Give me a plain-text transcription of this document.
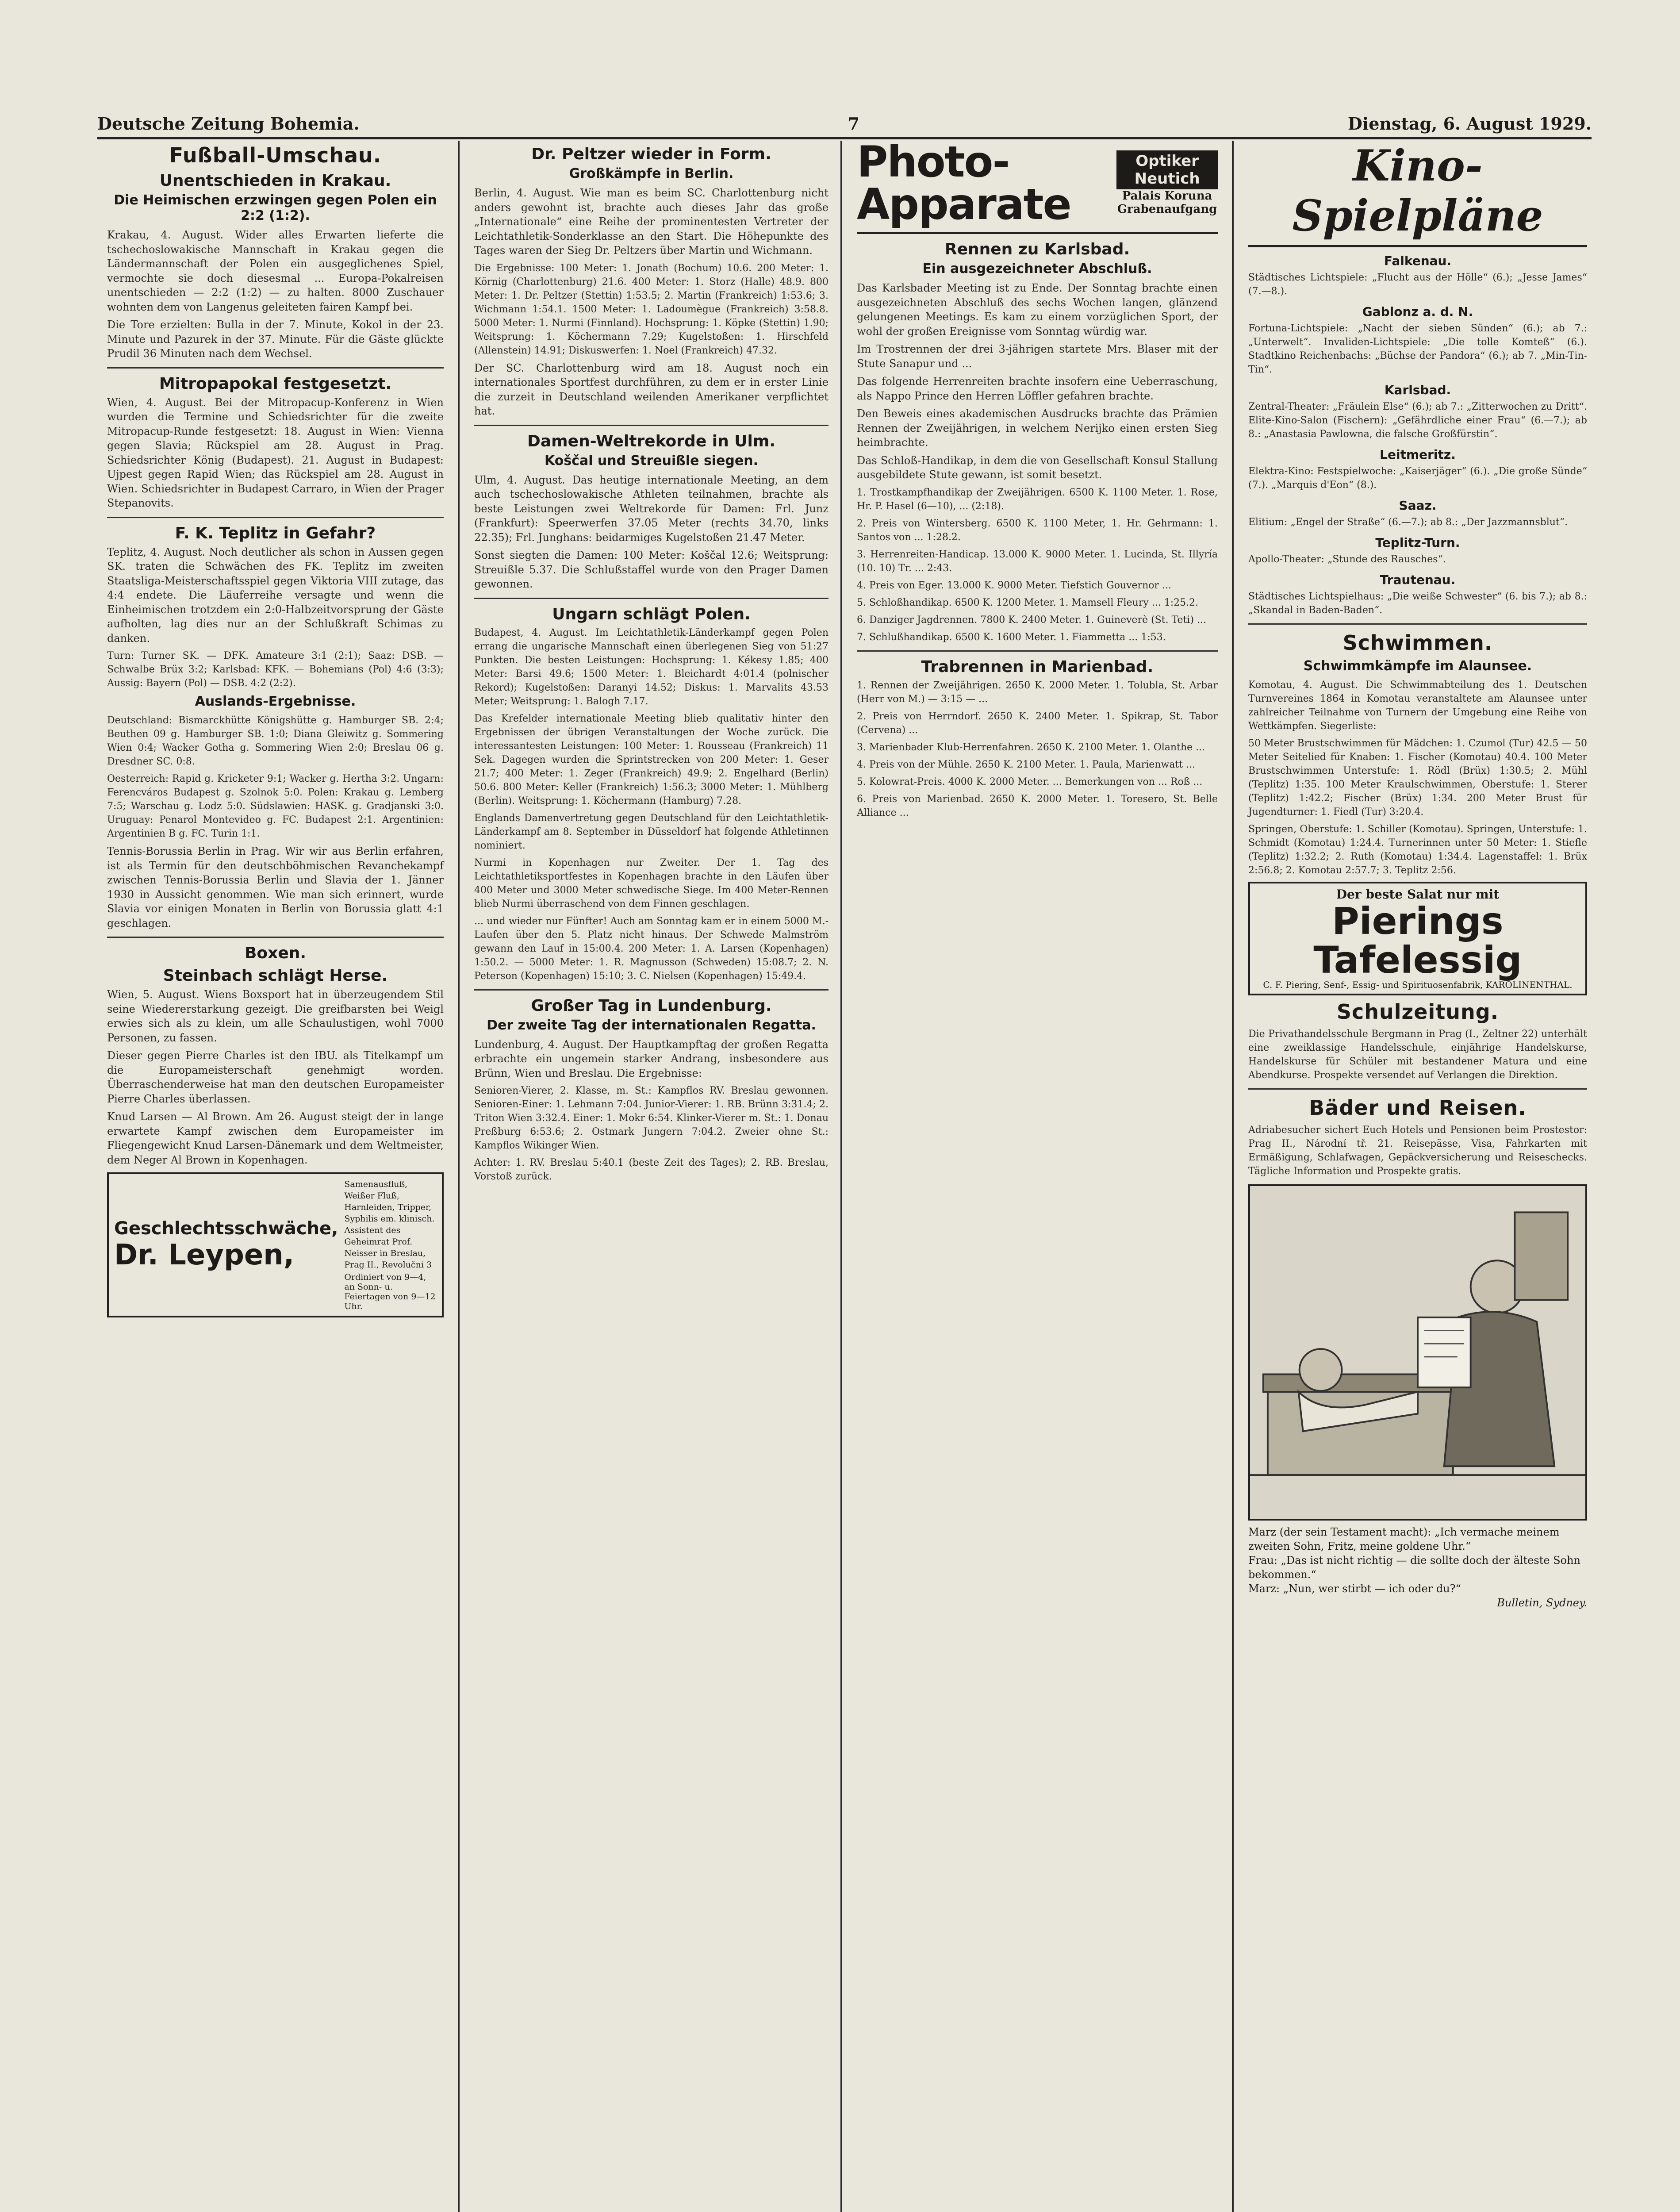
Deutsche Zeitung Bohemia.	7	Dienstag, 6. August 1929.
Fußball-Umschau.
Unentschieden in Krakau.
Die Heimischen erzwingen gegen Polen ein 2:2 (1:2).

Krakau, 4. August. Wider alles Erwarten lieferte die tschechoslowakische Mannschaft in Krakau gegen die Ländermannschaft der Polen ein ausgeglichenes Spiel, vermochte sie doch diesesmal ... Europa-Pokalreisen unentschieden — 2:2 (1:2) — zu halten. 8000 Zuschauer wohnten dem von Langenus geleiteten fairen Kampf bei.

Die Tore erzielten: Bulla in der 7. Minute, Kokol in der 23. Minute und Pazurek in der 37. Minute. Für die Gäste glückte Prudil 36 Minuten nach dem Wechsel.

Mitropapokal festgesetzt.

Wien, 4. August. Bei der Mitropacup-Konferenz in Wien wurden die Termine und Schiedsrichter für die zweite Mitropacup-Runde festgesetzt: 18. August in Wien: Vienna gegen Slavia; Rückspiel am 28. August in Prag. Schiedsrichter König (Budapest). 21. August in Budapest: Ujpest gegen Rapid Wien; das Rückspiel am 28. August in Wien. Schiedsrichter in Budapest Carraro, in Wien der Prager Stepanovits.

F. K. Teplitz in Gefahr?

Teplitz, 4. August. Noch deutlicher als schon in Aussen gegen SK. traten die Schwächen des FK. Teplitz im zweiten Staatsliga-Meisterschaftsspiel gegen Viktoria VIII zutage, das 4:4 endete. Die Läuferreihe versagte und wenn die Einheimischen trotzdem ein 2:0-Halbzeitvorsprung der Gäste aufholten, lag dies nur an der Schlußkraft Schimas zu danken.

Turn: Turner SK. — DFK. Amateure 3:1 (2:1); Saaz: DSB. — Schwalbe Brüx 3:2; Karlsbad: KFK. — Bohemians (Pol) 4:6 (3:3); Aussig: Bayern (Pol) — DSB. 4:2 (2:2).

Auslands-Ergebnisse.

Deutschland: Bismarckhütte Königshütte g. Hamburger SB. 2:4; Beuthen 09 g. Hamburger SB. 1:0; Diana Gleiwitz g. Sommering Wien 0:4; Wacker Gotha g. Sommering Wien 2:0; Breslau 06 g. Dresdner SC. 0:8.

Oesterreich: Rapid g. Kricketer 9:1; Wacker g. Hertha 3:2. Ungarn: Ferencváros Budapest g. Szolnok 5:0. Polen: Krakau g. Lemberg 7:5; Warschau g. Lodz 5:0. Südslawien: HASK. g. Gradjanski 3:0. Uruguay: Penarol Montevideo g. FC. Budapest 2:1. Argentinien: Argentinien B g. FC. Turin 1:1.

Tennis-Borussia Berlin in Prag. Wir wir aus Berlin erfahren, ist als Termin für den deutschböhmischen Revanchekampf zwischen Tennis-Borussia Berlin und Slavia der 1. Jänner 1930 in Aussicht genommen. Wie man sich erinnert, wurde Slavia vor einigen Monaten in Berlin von Borussia glatt 4:1 geschlagen.

Boxen.
Steinbach schlägt Herse.

Wien, 5. August. Wiens Boxsport hat in überzeugendem Stil seine Wiedererstarkung gezeigt. Die greifbarsten bei Weigl erwies sich als zu klein, um alle Schaulustigen, wohl 7000 Personen, zu fassen.

Dieser gegen Pierre Charles ist den IBU. als Titelkampf um die Europameisterschaft genehmigt worden. Überraschenderweise hat man den deutschen Europameister Pierre Charles überlassen.

Knud Larsen — Al Brown. Am 26. August steigt der in lange erwartete Kampf zwischen dem Europameister im Fliegengewicht Knud Larsen-Dänemark und dem Weltmeister, dem Neger Al Brown in Kopenhagen.

Geschlechtsschwäche,
Dr. Leypen,
Samenausfluß, Weißer Fluß, Harnleiden, Tripper, Syphilis em. klinisch. Assistent des Geheimrat Prof. Neisser in Breslau, Prag II., Revolučni 3
Ordiniert von 9—4, an Sonn- u. Feiertagen von 9—12 Uhr.
Dr. Peltzer wieder in Form.
Großkämpfe in Berlin.

Berlin, 4. August. Wie man es beim SC. Charlottenburg nicht anders gewohnt ist, brachte auch dieses Jahr das große „Internationale“ eine Reihe der prominentesten Vertreter der Leichtathletik-Sonderklasse an den Start. Die Höhepunkte des Tages waren der Sieg Dr. Peltzers über Martin und Wichmann.

Die Ergebnisse: 100 Meter: 1. Jonath (Bochum) 10.6. 200 Meter: 1. Körnig (Charlottenburg) 21.6. 400 Meter: 1. Storz (Halle) 48.9. 800 Meter: 1. Dr. Peltzer (Stettin) 1:53.5; 2. Martin (Frankreich) 1:53.6; 3. Wichmann 1:54.1. 1500 Meter: 1. Ladoumègue (Frankreich) 3:58.8. 5000 Meter: 1. Nurmi (Finnland). Hochsprung: 1. Köpke (Stettin) 1.90; Weitsprung: 1. Köchermann 7.29; Kugelstoßen: 1. Hirschfeld (Allenstein) 14.91; Diskuswerfen: 1. Noel (Frankreich) 47.32.

Der SC. Charlottenburg wird am 18. August noch ein internationales Sportfest durchführen, zu dem er in erster Linie die zurzeit in Deutschland weilenden Amerikaner verpflichtet hat.

Damen-Weltrekorde in Ulm.
Koščal und Streuißle siegen.

Ulm, 4. August. Das heutige internationale Meeting, an dem auch tschechoslowakische Athleten teilnahmen, brachte als beste Leistungen zwei Weltrekorde für Damen: Frl. Junz (Frankfurt): Speerwerfen 37.05 Meter (rechts 34.70, links 22.35); Frl. Junghans: beidarmiges Kugelstoßen 21.47 Meter.

Sonst siegten die Damen: 100 Meter: Koščal 12.6; Weitsprung: Streuißle 5.37. Die Schlußstaffel wurde von den Prager Damen gewonnen.

Ungarn schlägt Polen.

Budapest, 4. August. Im Leichtathletik-Länderkampf gegen Polen errang die ungarische Mannschaft einen überlegenen Sieg von 51:27 Punkten. Die besten Leistungen: Hochsprung: 1. Kékesy 1.85; 400 Meter: Barsi 49.6; 1500 Meter: 1. Bleichardt 4:01.4 (polnischer Rekord); Kugelstoßen: Daranyi 14.52; Diskus: 1. Marvalits 43.53 Meter; Weitsprung: 1. Balogh 7.17.

Das Krefelder internationale Meeting blieb qualitativ hinter den Ergebnissen der übrigen Veranstaltungen der Woche zurück. Die interessantesten Leistungen: 100 Meter: 1. Rousseau (Frankreich) 11 Sek. Dagegen wurden die Sprintstrecken von 200 Meter: 1. Geser 21.7; 400 Meter: 1. Zeger (Frankreich) 49.9; 2. Engelhard (Berlin) 50.6. 800 Meter: Keller (Frankreich) 1:56.3; 3000 Meter: 1. Mühlberg (Berlin). Weitsprung: 1. Köchermann (Hamburg) 7.28.

Englands Damenvertretung gegen Deutschland für den Leichtathletik-Länderkampf am 8. September in Düsseldorf hat folgende Athletinnen nominiert.

Nurmi in Kopenhagen nur Zweiter. Der 1. Tag des Leichtathletiksportfestes in Kopenhagen brachte in den Läufen über 400 Meter und 3000 Meter schwedische Siege. Im 400 Meter-Rennen blieb Nurmi überraschend von dem Finnen geschlagen.

... und wieder nur Fünfter! Auch am Sonntag kam er in einem 5000 M.-Laufen über den 5. Platz nicht hinaus. Der Schwede Malmström gewann den Lauf in 15:00.4. 200 Meter: 1. A. Larsen (Kopenhagen) 1:50.2. — 5000 Meter: 1. R. Magnusson (Schweden) 15:08.7; 2. N. Peterson (Kopenhagen) 15:10; 3. C. Nielsen (Kopenhagen) 15:49.4.

Großer Tag in Lundenburg.
Der zweite Tag der internationalen Regatta.

Lundenburg, 4. August. Der Hauptkampftag der großen Regatta erbrachte ein ungemein starker Andrang, insbesondere aus Brünn, Wien und Breslau. Die Ergebnisse:

Senioren-Vierer, 2. Klasse, m. St.: Kampflos RV. Breslau gewonnen. Senioren-Einer: 1. Lehmann 7:04. Junior-Vierer: 1. RB. Brünn 3:31.4; 2. Triton Wien 3:32.4. Einer: 1. Mokr 6:54. Klinker-Vierer m. St.: 1. Donau Preßburg 6:53.6; 2. Ostmark Jungern 7:04.2. Zweier ohne St.: Kampflos Wikinger Wien.

Achter: 1. RV. Breslau 5:40.1 (beste Zeit des Tages); 2. RB. Breslau, Vorstoß zurück.

Photo-Apparate
Optiker Neutich
Palais Koruna
Grabenaufgang
Rennen zu Karlsbad.
Ein ausgezeichneter Abschluß.

Das Karlsbader Meeting ist zu Ende. Der Sonntag brachte einen ausgezeichneten Abschluß des sechs Wochen langen, glänzend gelungenen Meetings. Es kam zu einem vorzüglichen Sport, der wohl der großen Ereignisse vom Sonntag würdig war.

Im Trostrennen der drei 3-jährigen startete Mrs. Blaser mit der Stute Sanapur und ...

Das folgende Herrenreiten brachte insofern eine Ueberraschung, als Nappo Prince den Herren Löffler gefahren brachte.

Den Beweis eines akademischen Ausdrucks brachte das Prämien Rennen der Zweijährigen, in welchem Nerijko einen ersten Sieg heimbrachte.

Das Schloß-Handikap, in dem die von Gesellschaft Konsul Stallung ausgebildete Stute gewann, ist somit besetzt.

1. Trostkampfhandikap der Zweijährigen. 6500 K. 1100 Meter. 1. Rose, Hr. P. Hasel (6—10), ... (2:18).

2. Preis von Wintersberg. 6500 K. 1100 Meter, 1. Hr. Gehrmann: 1. Santos von ... 1:28.2.

3. Herrenreiten-Handicap. 13.000 K. 9000 Meter. 1. Lucinda, St. Illyría (10. 10) Tr. ... 2:43.

4. Preis von Eger. 13.000 K. 9000 Meter. Tiefstich Gouvernor ...

5. Schloßhandikap. 6500 K. 1200 Meter. 1. Mamsell Fleury ... 1:25.2.

6. Danziger Jagdrennen. 7800 K. 2400 Meter. 1. Guineverè (St. Teti) ...

7. Schlußhandikap. 6500 K. 1600 Meter. 1. Fiammetta ... 1:53.

Trabrennen in Marienbad.

1. Rennen der Zweijährigen. 2650 K. 2000 Meter. 1. Tolubla, St. Arbar (Herr von M.) — 3:15 — ...

2. Preis von Herrndorf. 2650 K. 2400 Meter. 1. Spikrap, St. Tabor (Cervena) ...

3. Marienbader Klub-Herrenfahren. 2650 K. 2100 Meter. 1. Olanthe ...

4. Preis von der Mühle. 2650 K. 2100 Meter. 1. Paula, Marienwatt ...

5. Kolowrat-Preis. 4000 K. 2000 Meter. ... Bemerkungen von ... Roß ...

6. Preis von Marienbad. 2650 K. 2000 Meter. 1. Toresero, St. Belle Alliance ...

Kino-Spielpläne
Falkenau.

Städtisches Lichtspiele: „Flucht aus der Hölle“ (6.); „Jesse James“ (7.—8.).

Gablonz a. d. N.

Fortuna-Lichtspiele: „Nacht der sieben Sünden“ (6.); ab 7.: „Unterwelt“. Invaliden-Lichtspiele: „Die tolle Komteß“ (6.). Stadtkino Reichenbachs: „Büchse der Pandora“ (6.); ab 7. „Min-Tin-Tin“.

Karlsbad.

Zentral-Theater: „Fräulein Else“ (6.); ab 7.: „Zitterwochen zu Dritt“. Elite-Kino-Salon (Fischern): „Gefährdliche einer Frau“ (6.—7.); ab 8.: „Anastasia Pawlowna, die falsche Großfürstin“.

Leitmeritz.

Elektra-Kino: Festspielwoche: „Kaiserjäger“ (6.). „Die große Sünde“ (7.). „Marquis d'Eon“ (8.).

Saaz.

Elitium: „Engel der Straße“ (6.—7.); ab 8.: „Der Jazzmannsblut“.

Teplitz-Turn.

Apollo-Theater: „Stunde des Rausches“.

Trautenau.

Städtisches Lichtspielhaus: „Die weiße Schwester“ (6. bis 7.); ab 8.: „Skandal in Baden-Baden“.

Schwimmen.
Schwimmkämpfe im Alaunsee.

Komotau, 4. August. Die Schwimmabteilung des 1. Deutschen Turnvereines 1864 in Komotau veranstaltete am Alaunsee unter zahlreicher Teilnahme von Turnern der Umgebung eine Reihe von Wettkämpfen. Siegerliste:

50 Meter Brustschwimmen für Mädchen: 1. Czumol (Tur) 42.5 — 50 Meter Seitelied für Knaben: 1. Fischer (Komotau) 40.4. 100 Meter Brustschwimmen Unterstufe: 1. Rödl (Brüx) 1:30.5; 2. Mühl (Teplitz) 1:35. 100 Meter Kraulschwimmen, Oberstufe: 1. Sterer (Teplitz) 1:42.2; Fischer (Brüx) 1:34. 200 Meter Brust für Jugendturner: 1. Fiedl (Tur) 3:20.4.

Springen, Oberstufe: 1. Schiller (Komotau). Springen, Unterstufe: 1. Schmidt (Komotau) 1:24.4. Turnerinnen unter 50 Meter: 1. Stiefle (Teplitz) 1:32.2; 2. Ruth (Komotau) 1:34.4. Lagenstaffel: 1. Brüx 2:56.8; 2. Komotau 2:57.7; 3. Teplitz 2:56.

Der beste Salat nur mit
Pierings Tafelessig
C. F. Piering, Senf-, Essig- und Spirituosenfabrik, KAROLINENTHAL.
Schulzeitung.

Die Privathandelsschule Bergmann in Prag (I., Zeltner 22) unterhält eine zweiklassige Handelsschule, einjährige Handelskurse, Handelskurse für Schüler mit bestandener Matura und eine Abendkurse. Prospekte versendet auf Verlangen die Direktion.

Bäder und Reisen.

Adriabesucher sichert Euch Hotels und Pensionen beim Prostestor: Prag II., Národní tř. 21. Reisepässe, Visa, Fahrkarten mit Ermäßigung, Schlafwagen, Gepäckversicherung und Reiseschecks. Tägliche Information und Prospekte gratis.

Marz (der sein Testament macht): „Ich vermache meinem zweiten Sohn, Fritz, meine goldene Uhr.“
Frau: „Das ist nicht richtig — die sollte doch der älteste Sohn bekommen.“
Marz: „Nun, wer stirbt — ich oder du?“
Bulletin, Sydney.
